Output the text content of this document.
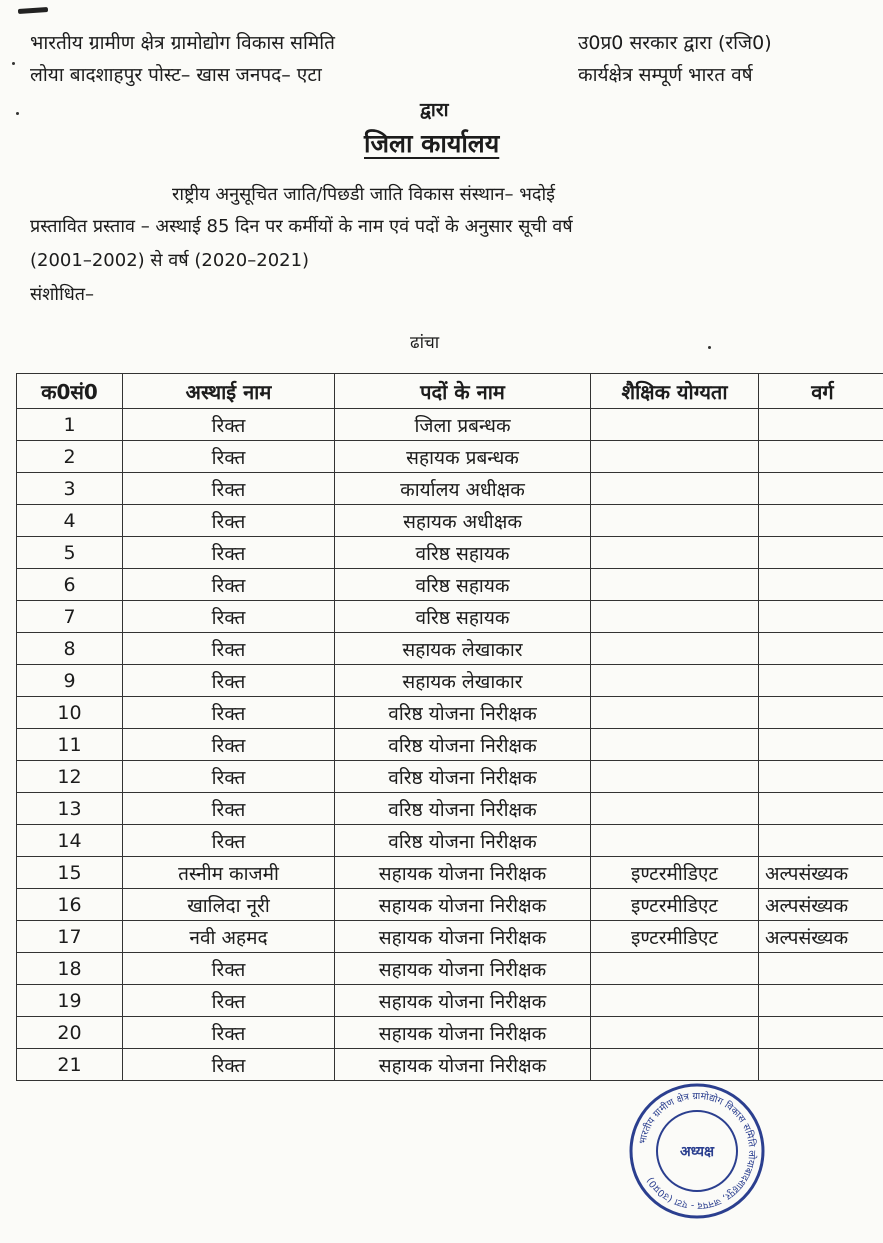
भारतीय ग्रामीण क्षेत्र ग्रामोद्योग विकास समिति
लोया बादशाहपुर पोस्ट– खास जनपद– एटा
उ0प्र0 सरकार द्वारा (रजि0)
कार्यक्षेत्र सम्पूर्ण भारत वर्ष
द्वारा
जिला कार्यालय
राष्ट्रीय अनुसूचित जाति/पिछडी जाति विकास संस्थान– भदोई
प्रस्तावित प्रस्ताव – अस्थाई 85 दिन पर कर्मीयों के नाम एवं पदों के अनुसार सूची वर्ष
(2001–2002) से वर्ष (2020–2021)
संशोधित–
ढांचा
क0सं0	अस्थाई नाम	पदों के नाम	शैक्षिक योग्यता	वर्ग
1	रिक्त	जिला प्रबन्धक		
2	रिक्त	सहायक प्रबन्धक		
3	रिक्त	कार्यालय अधीक्षक		
4	रिक्त	सहायक अधीक्षक		
5	रिक्त	वरिष्ठ सहायक		
6	रिक्त	वरिष्ठ सहायक		
7	रिक्त	वरिष्ठ सहायक		
8	रिक्त	सहायक लेखाकार		
9	रिक्त	सहायक लेखाकार		
10	रिक्त	वरिष्ठ योजना निरीक्षक		
11	रिक्त	वरिष्ठ योजना निरीक्षक		
12	रिक्त	वरिष्ठ योजना निरीक्षक		
13	रिक्त	वरिष्ठ योजना निरीक्षक		
14	रिक्त	वरिष्ठ योजना निरीक्षक		
15	तस्नीम काजमी	सहायक योजना निरीक्षक	इण्टरमीडिएट	अल्पसंख्यक
16	खालिदा नूरी	सहायक योजना निरीक्षक	इण्टरमीडिएट	अल्पसंख्यक
17	नवी अहमद	सहायक योजना निरीक्षक	इण्टरमीडिएट	अल्पसंख्यक
18	रिक्त	सहायक योजना निरीक्षक		
19	रिक्त	सहायक योजना निरीक्षक		
20	रिक्त	सहायक योजना निरीक्षक		
21	रिक्त	सहायक योजना निरीक्षक		
भारतीय ग्रामीण क्षेत्र ग्रामोद्योग विकास समिति लोयाबादशाहपुर, जनपद - एटा (उ0प्र0)
अध्यक्ष
